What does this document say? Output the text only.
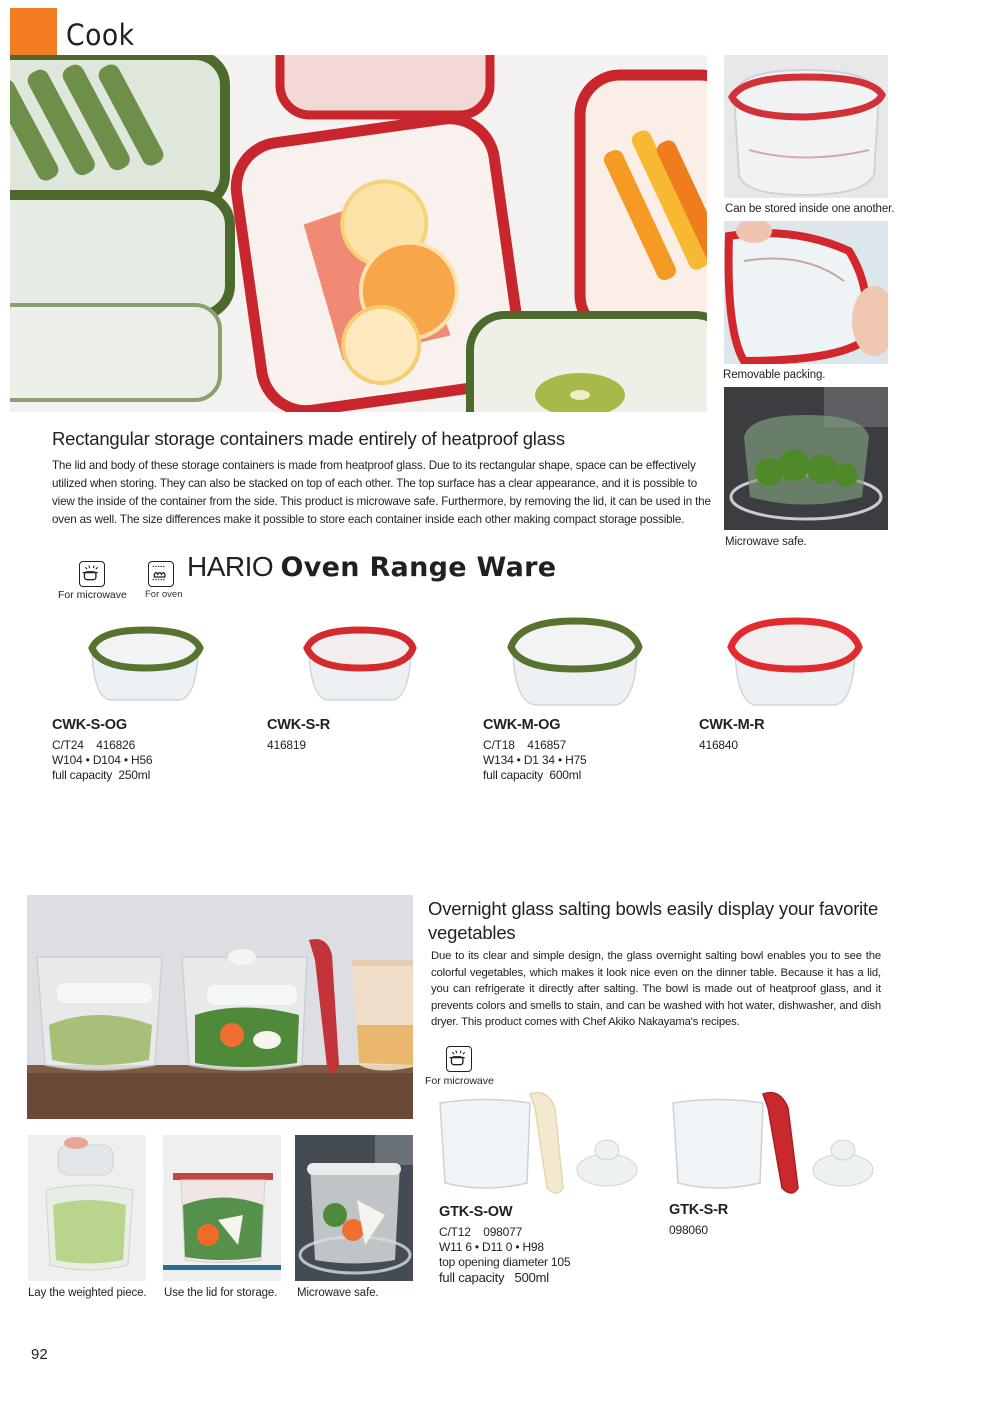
Cook
Can be stored inside one another.
Removable packing.
Microwave safe.
Rectangular storage containers made entirely of heatproof glass
The lid and body of these storage containers is made from heatproof glass. Due to its rectangular shape, space can be effectively utilized when storing. They can also be stacked on top of each other. The top surface has a clear appearance, and it is possible to view the inside of the container from the side. This product is microwave safe. Furthermore, by removing the lid, it can be used in the oven as well. The size differences make it possible to store each container inside each other making compact storage possible.
For microwave For oven
HARIO Oven Range Ware
CWK-S-OG
C/T24    416826
W104 • D104 • H56
full capacity  250ml
CWK-S-R
416819
CWK-M-OG
C/T18    416857
W134 • D1 34 • H75
full capacity  600ml
CWK-M-R
416840
Overnight glass salting bowls easily display your favorite vegetables
Due to its clear and simple design, the glass overnight salting bowl enables you to see the colorful vegetables, which makes it look nice even on the dinner table. Because it has a lid, you can refrigerate it directly after salting. The bowl is made out of heatproof glass, and it prevents colors and smells to stain, and can be washed with hot water, dishwasher, and dish dryer. This product comes with Chef Akiko Nakayama's recipes.
For microwave
Lay the weighted piece. Use the lid for storage. Microwave safe.
GTK-S-OW
C/T12    098077
W11 6 • D11 0 • H98
top opening diameter 105
full capacity   500ml
GTK-S-R
098060
92
